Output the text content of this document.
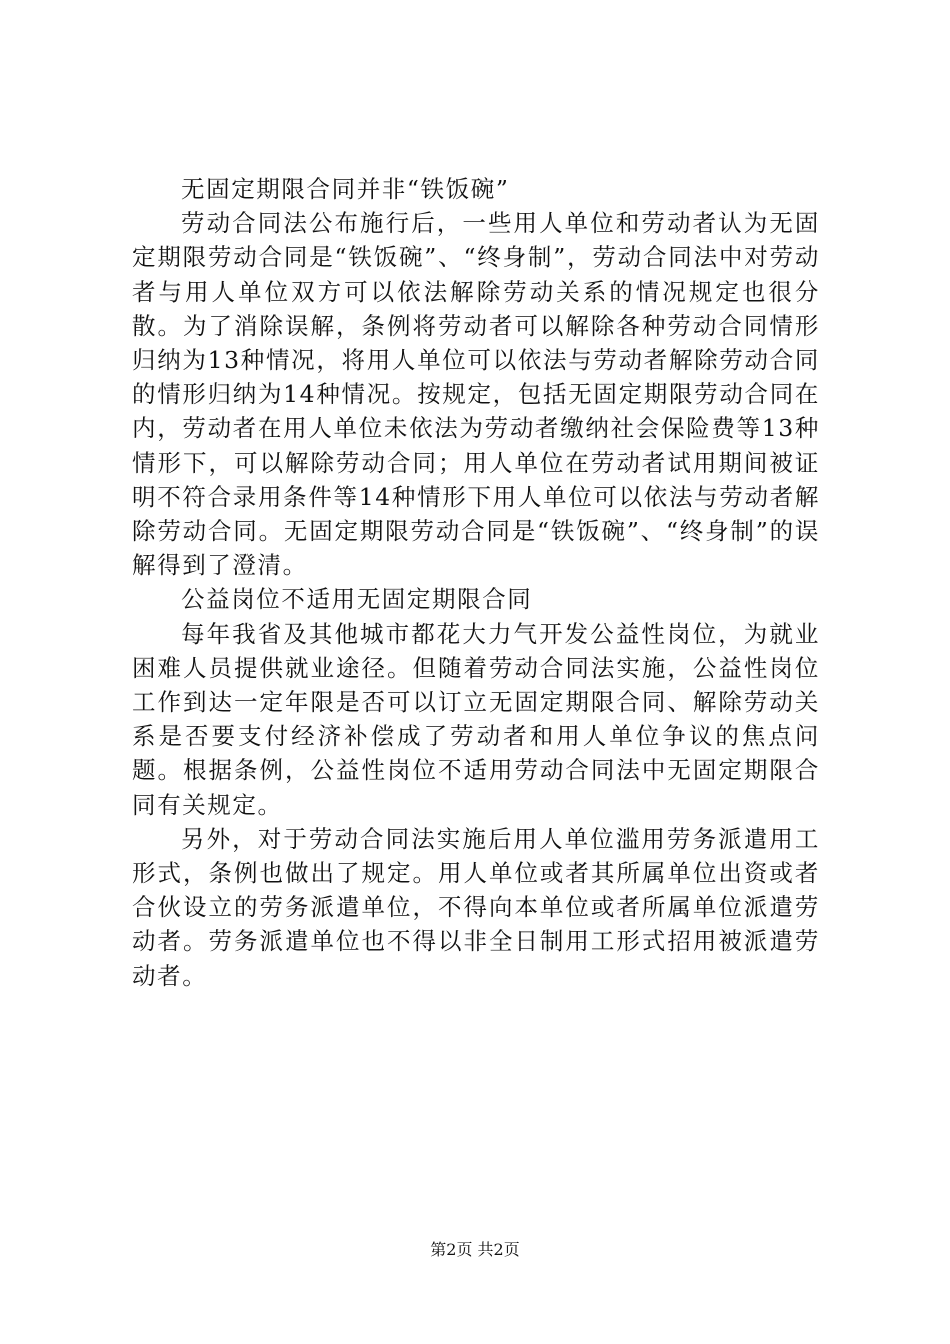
无固定期限合同并非“铁饭碗”

劳动合同法公布施行后，一些用人单位和劳动者认为无固定期限劳动合同是“铁饭碗”、“终身制”，劳动合同法中对劳动者与用人单位双方可以依法解除劳动关系的情况规定也很分散。为了消除误解，条例将劳动者可以解除各种劳动合同情形归纳为13种情况，将用人单位可以依法与劳动者解除劳动合同的情形归纳为14种情况。按规定，包括无固定期限劳动合同在内，劳动者在用人单位未依法为劳动者缴纳社会保险费等13种情形下，可以解除劳动合同；用人单位在劳动者试用期间被证明不符合录用条件等14种情形下用人单位可以依法与劳动者解除劳动合同。无固定期限劳动合同是“铁饭碗”、“终身制”的误解得到了澄清。

公益岗位不适用无固定期限合同

每年我省及其他城市都花大力气开发公益性岗位，为就业困难人员提供就业途径。但随着劳动合同法实施，公益性岗位工作到达一定年限是否可以订立无固定期限合同、解除劳动关系是否要支付经济补偿成了劳动者和用人单位争议的焦点问题。根据条例，公益性岗位不适用劳动合同法中无固定期限合同有关规定。

另外，对于劳动合同法实施后用人单位滥用劳务派遣用工形式，条例也做出了规定。用人单位或者其所属单位出资或者合伙设立的劳务派遣单位，不得向本单位或者所属单位派遣劳动者。劳务派遣单位也不得以非全日制用工形式招用被派遣劳动者。

第2页 共2页
